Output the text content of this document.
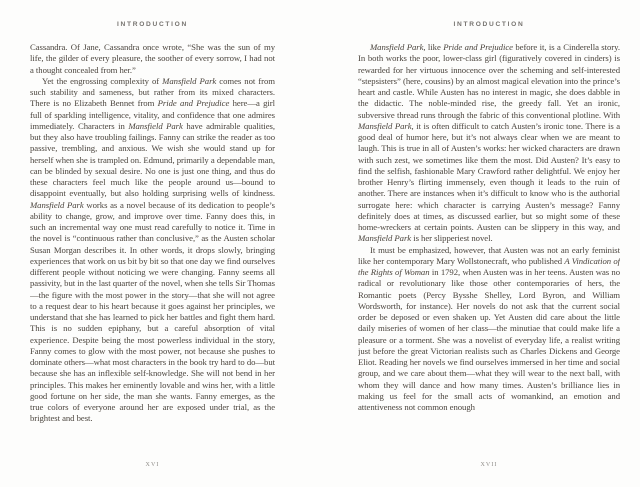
INTRODUCTION

Cassandra. Of Jane, Cassandra once wrote, “She was the sun of my life, the gilder of every pleasure, the soother of every sorrow, I had not a thought concealed from her.”

Yet the engrossing complexity of Mansfield Park comes not from such stability and sameness, but rather from its mixed characters. There is no Elizabeth Bennet from Pride and Prejudice here—a girl full of sparkling intelligence, vitality, and confidence that one admires immediately. Characters in Mansfield Park have admirable qualities, but they also have troubling failings. Fanny can strike the reader as too passive, trembling, and anxious. We wish she would stand up for herself when she is trampled on. Edmund, primarily a dependable man, can be blinded by sexual desire. No one is just one thing, and thus do these characters feel much like the people around us—bound to disappoint eventually, but also holding surprising wells of kindness. Mansfield Park works as a novel because of its dedication to people’s ability to change, grow, and improve over time. Fanny does this, in such an incremental way one must read carefully to notice it. Time in the novel is “continuous rather than conclusive,” as the Austen scholar Susan Morgan describes it. In other words, it drops slowly, bringing experiences that work on us bit by bit so that one day we find ourselves different people without noticing we were changing. Fanny seems all passivity, but in the last quarter of the novel, when she tells Sir Thomas—the figure with the most power in the story—that she will not agree to a request dear to his heart because it goes against her principles, we understand that she has learned to pick her battles and fight them hard. This is no sudden epiphany, but a careful absorption of vital experience. Despite being the most powerless individual in the story, Fanny comes to glow with the most power, not because she pushes to dominate others—what most characters in the book try hard to do—but because she has an inflexible self-knowledge. She will not bend in her principles. This makes her eminently lovable and wins her, with a little good fortune on her side, the man she wants. Fanny emerges, as the true colors of everyone around her are exposed under trial, as the brightest and best.

XVI
INTRODUCTION

Mansfield Park, like Pride and Prejudice before it, is a Cinderella story. In both works the poor, lower-class girl (figuratively covered in cinders) is rewarded for her virtuous innocence over the scheming and self-interested “stepsisters” (here, cousins) by an almost magical elevation into the prince’s heart and castle. While Austen has no interest in magic, she does dabble in the didactic. The noble-minded rise, the greedy fall. Yet an ironic, subversive thread runs through the fabric of this conventional plotline. With Mansfield Park, it is often difficult to catch Austen’s ironic tone. There is a good deal of humor here, but it’s not always clear when we are meant to laugh. This is true in all of Austen’s works: her wicked characters are drawn with such zest, we sometimes like them the most. Did Austen? It’s easy to find the selfish, fashionable Mary Crawford rather delightful. We enjoy her brother Henry’s flirting immensely, even though it leads to the ruin of another. There are instances when it’s difficult to know who is the authorial surrogate here: which character is carrying Austen’s message? Fanny definitely does at times, as discussed earlier, but so might some of these home-wreckers at certain points. Austen can be slippery in this way, and Mansfield Park is her slipperiest novel.

It must be emphasized, however, that Austen was not an early feminist like her contemporary Mary Wollstonecraft, who published A Vindication of the Rights of Woman in 1792, when Austen was in her teens. Austen was no radical or revolutionary like those other contemporaries of hers, the Romantic poets (Percy Bysshe Shelley, Lord Byron, and William Wordsworth, for instance). Her novels do not ask that the current social order be deposed or even shaken up. Yet Austen did care about the little daily miseries of women of her class—the minutiae that could make life a pleasure or a torment. She was a novelist of everyday life, a realist writing just before the great Victorian realists such as Charles Dickens and George Eliot. Reading her novels we find ourselves immersed in her time and social group, and we care about them—what they will wear to the next ball, with whom they will dance and how many times. Austen’s brilliance lies in making us feel for the small acts of womankind, an emotion and attentiveness not common enough

XVII
